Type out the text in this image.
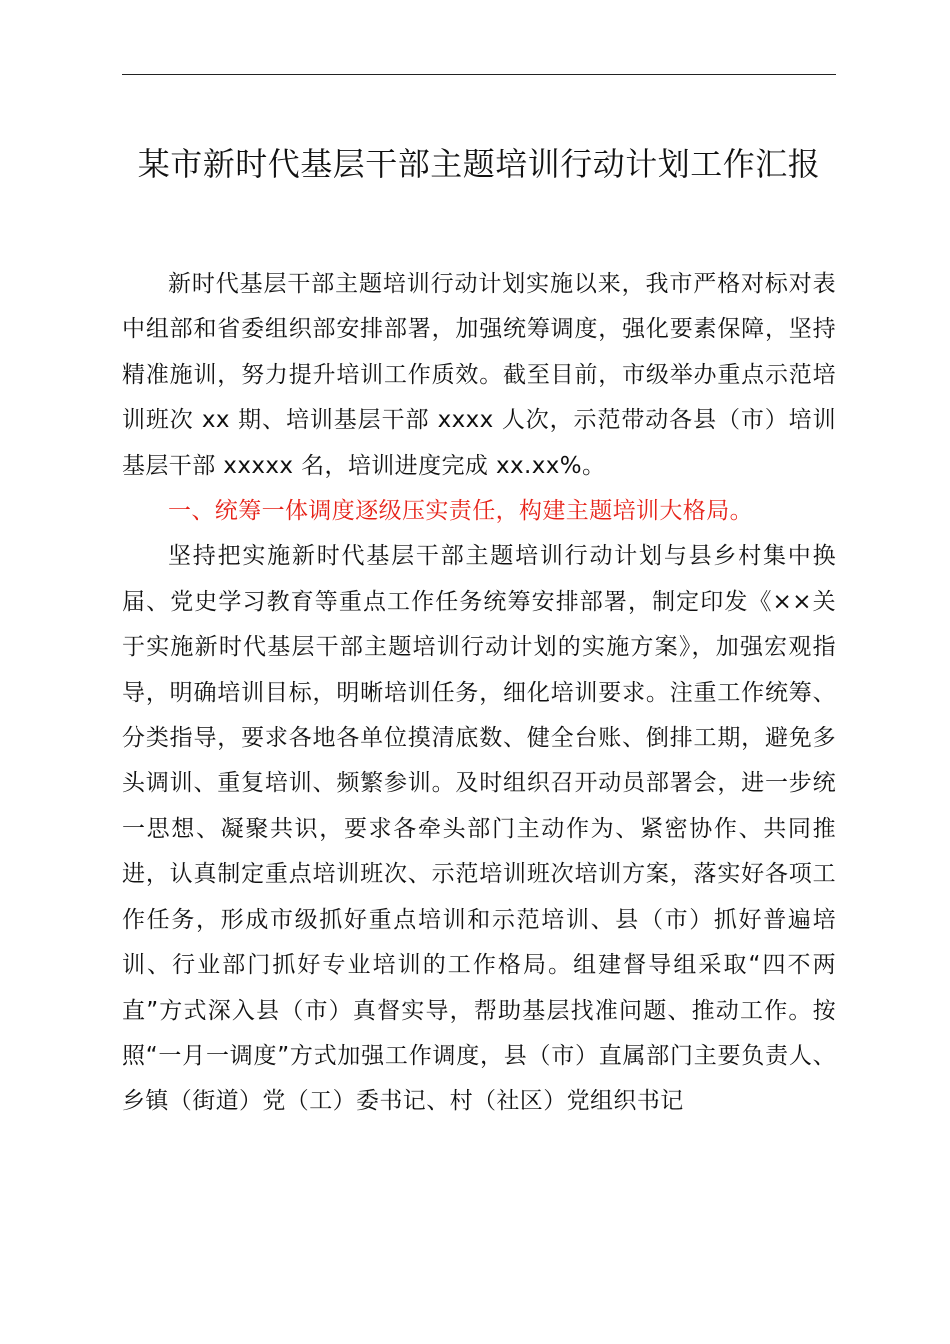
某市新时代基层干部主题培训行动计划工作汇报

新时代基层干部主题培训行动计划实施以来，我市严格对标对表中组部和省委组织部安排部署，加强统筹调度，强化要素保障，坚持精准施训，努力提升培训工作质效。截至目前，市级举办重点示范培训班次 xx 期、培训基层干部 xxxx 人次，示范带动各县（市）培训基层干部 xxxxx 名，培训进度完成 xx.xx%。

一、统筹一体调度逐级压实责任，构建主题培训大格局。

坚持把实施新时代基层干部主题培训行动计划与县乡村集中换届、党史学习教育等重点工作任务统筹安排部署，制定印发《××关于实施新时代基层干部主题培训行动计划的实施方案》，加强宏观指导，明确培训目标，明晰培训任务，细化培训要求。注重工作统筹、分类指导，要求各地各单位摸清底数、健全台账、倒排工期，避免多头调训、重复培训、频繁参训。及时组织召开动员部署会，进一步统一思想、凝聚共识，要求各牵头部门主动作为、紧密协作、共同推进，认真制定重点培训班次、示范培训班次培训方案，落实好各项工作任务，形成市级抓好重点培训和示范培训、县（市）抓好普遍培训、行业部门抓好专业培训的工作格局。组建督导组采取“四不两直”方式深入县（市）真督实导，帮助基层找准问题、推动工作。按照“一月一调度”方式加强工作调度，县（市）直属部门主要负责人、乡镇（街道）党（工）委书记、村（社区）党组织书记
